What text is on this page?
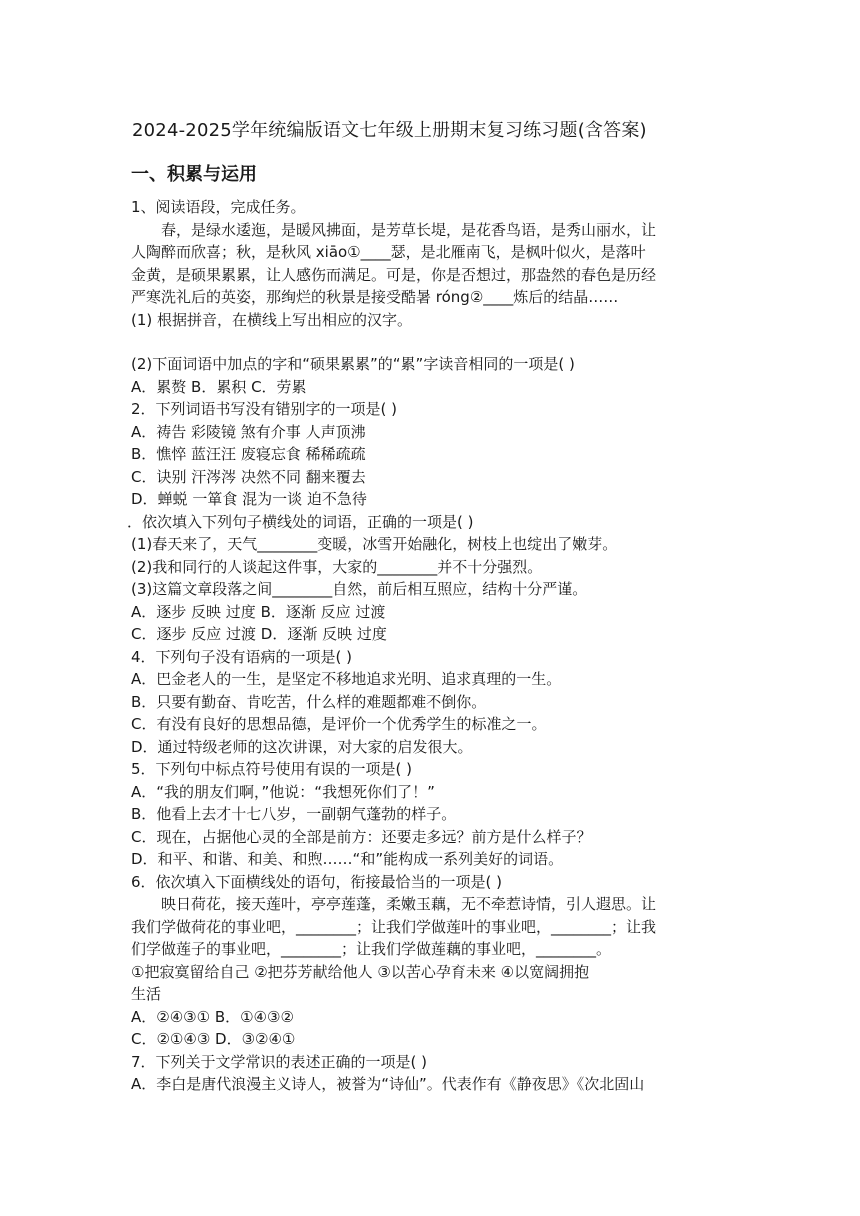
2024-2025学年统编版语文七年级上册期末复习练习题(含答案)
一、积累与运用
1、阅读语段，完成任务。
春，是绿水逶迤，是暖风拂面，是芳草长堤，是花香鸟语，是秀山丽水，让
人陶醉而欣喜；秋，是秋风 xiāo①____瑟，是北雁南飞，是枫叶似火，是落叶
金黄，是硕果累累，让人感伤而满足。可是，你是否想过，那盎然的春色是历经
严寒洗礼后的英姿，那绚烂的秋景是接受酷暑 róng②____炼后的结晶……
(1) 根据拼音，在横线上写出相应的汉字。
(2)下面词语中加点的字和“硕果累累”的“累”字读音相同的一项是( )
A．累赘 B．累积 C．劳累
2．下列词语书写没有错别字的一项是( )
A．祷告 彩陵镜 煞有介事 人声顶沸
B．憔悴 蓝汪汪 废寝忘食 稀稀疏疏
C．诀别 汗涔涔 决然不同 翻来覆去
D．蝉蜕 一箪食 混为一谈 迫不急待
．依次填入下列句子横线处的词语，正确的一项是( )
(1)春天来了，天气________变暖，冰雪开始融化，树枝上也绽出了嫩芽。
(2)我和同行的人谈起这件事，大家的________并不十分强烈。
(3)这篇文章段落之间________自然，前后相互照应，结构十分严谨。
A．逐步 反映 过度 B．逐渐 反应 过渡
C．逐步 反应 过渡 D．逐渐 反映 过度
4．下列句子没有语病的一项是( )
A．巴金老人的一生，是坚定不移地追求光明、追求真理的一生。
B．只要有勤奋、肯吃苦，什么样的难题都难不倒你。
C．有没有良好的思想品德，是评价一个优秀学生的标准之一。
D．通过特级老师的这次讲课，对大家的启发很大。
5．下列句中标点符号使用有误的一项是( )
A．“我的朋友们啊，”他说：“我想死你们了！”
B．他看上去才十七八岁，一副朝气蓬勃的样子。
C．现在，占据他心灵的全部是前方：还要走多远？前方是什么样子？
D．和平、和谐、和美、和煦……“和”能构成一系列美好的词语。
6．依次填入下面横线处的语句，衔接最恰当的一项是( )
映日荷花，接天莲叶，亭亭莲蓬，柔嫩玉藕，无不牵惹诗情，引人遐思。让
我们学做荷花的事业吧，________；让我们学做莲叶的事业吧，________；让我
们学做莲子的事业吧，________；让我们学做莲藕的事业吧，________。
①把寂寞留给自己 ②把芬芳献给他人 ③以苦心孕育未来 ④以宽阔拥抱
生活
A．②④③① B．①④③②
C．②①④③ D．③②④①
7．下列关于文学常识的表述正确的一项是( )
A．李白是唐代浪漫主义诗人，被誉为“诗仙”。代表作有《静夜思》《次北固山
